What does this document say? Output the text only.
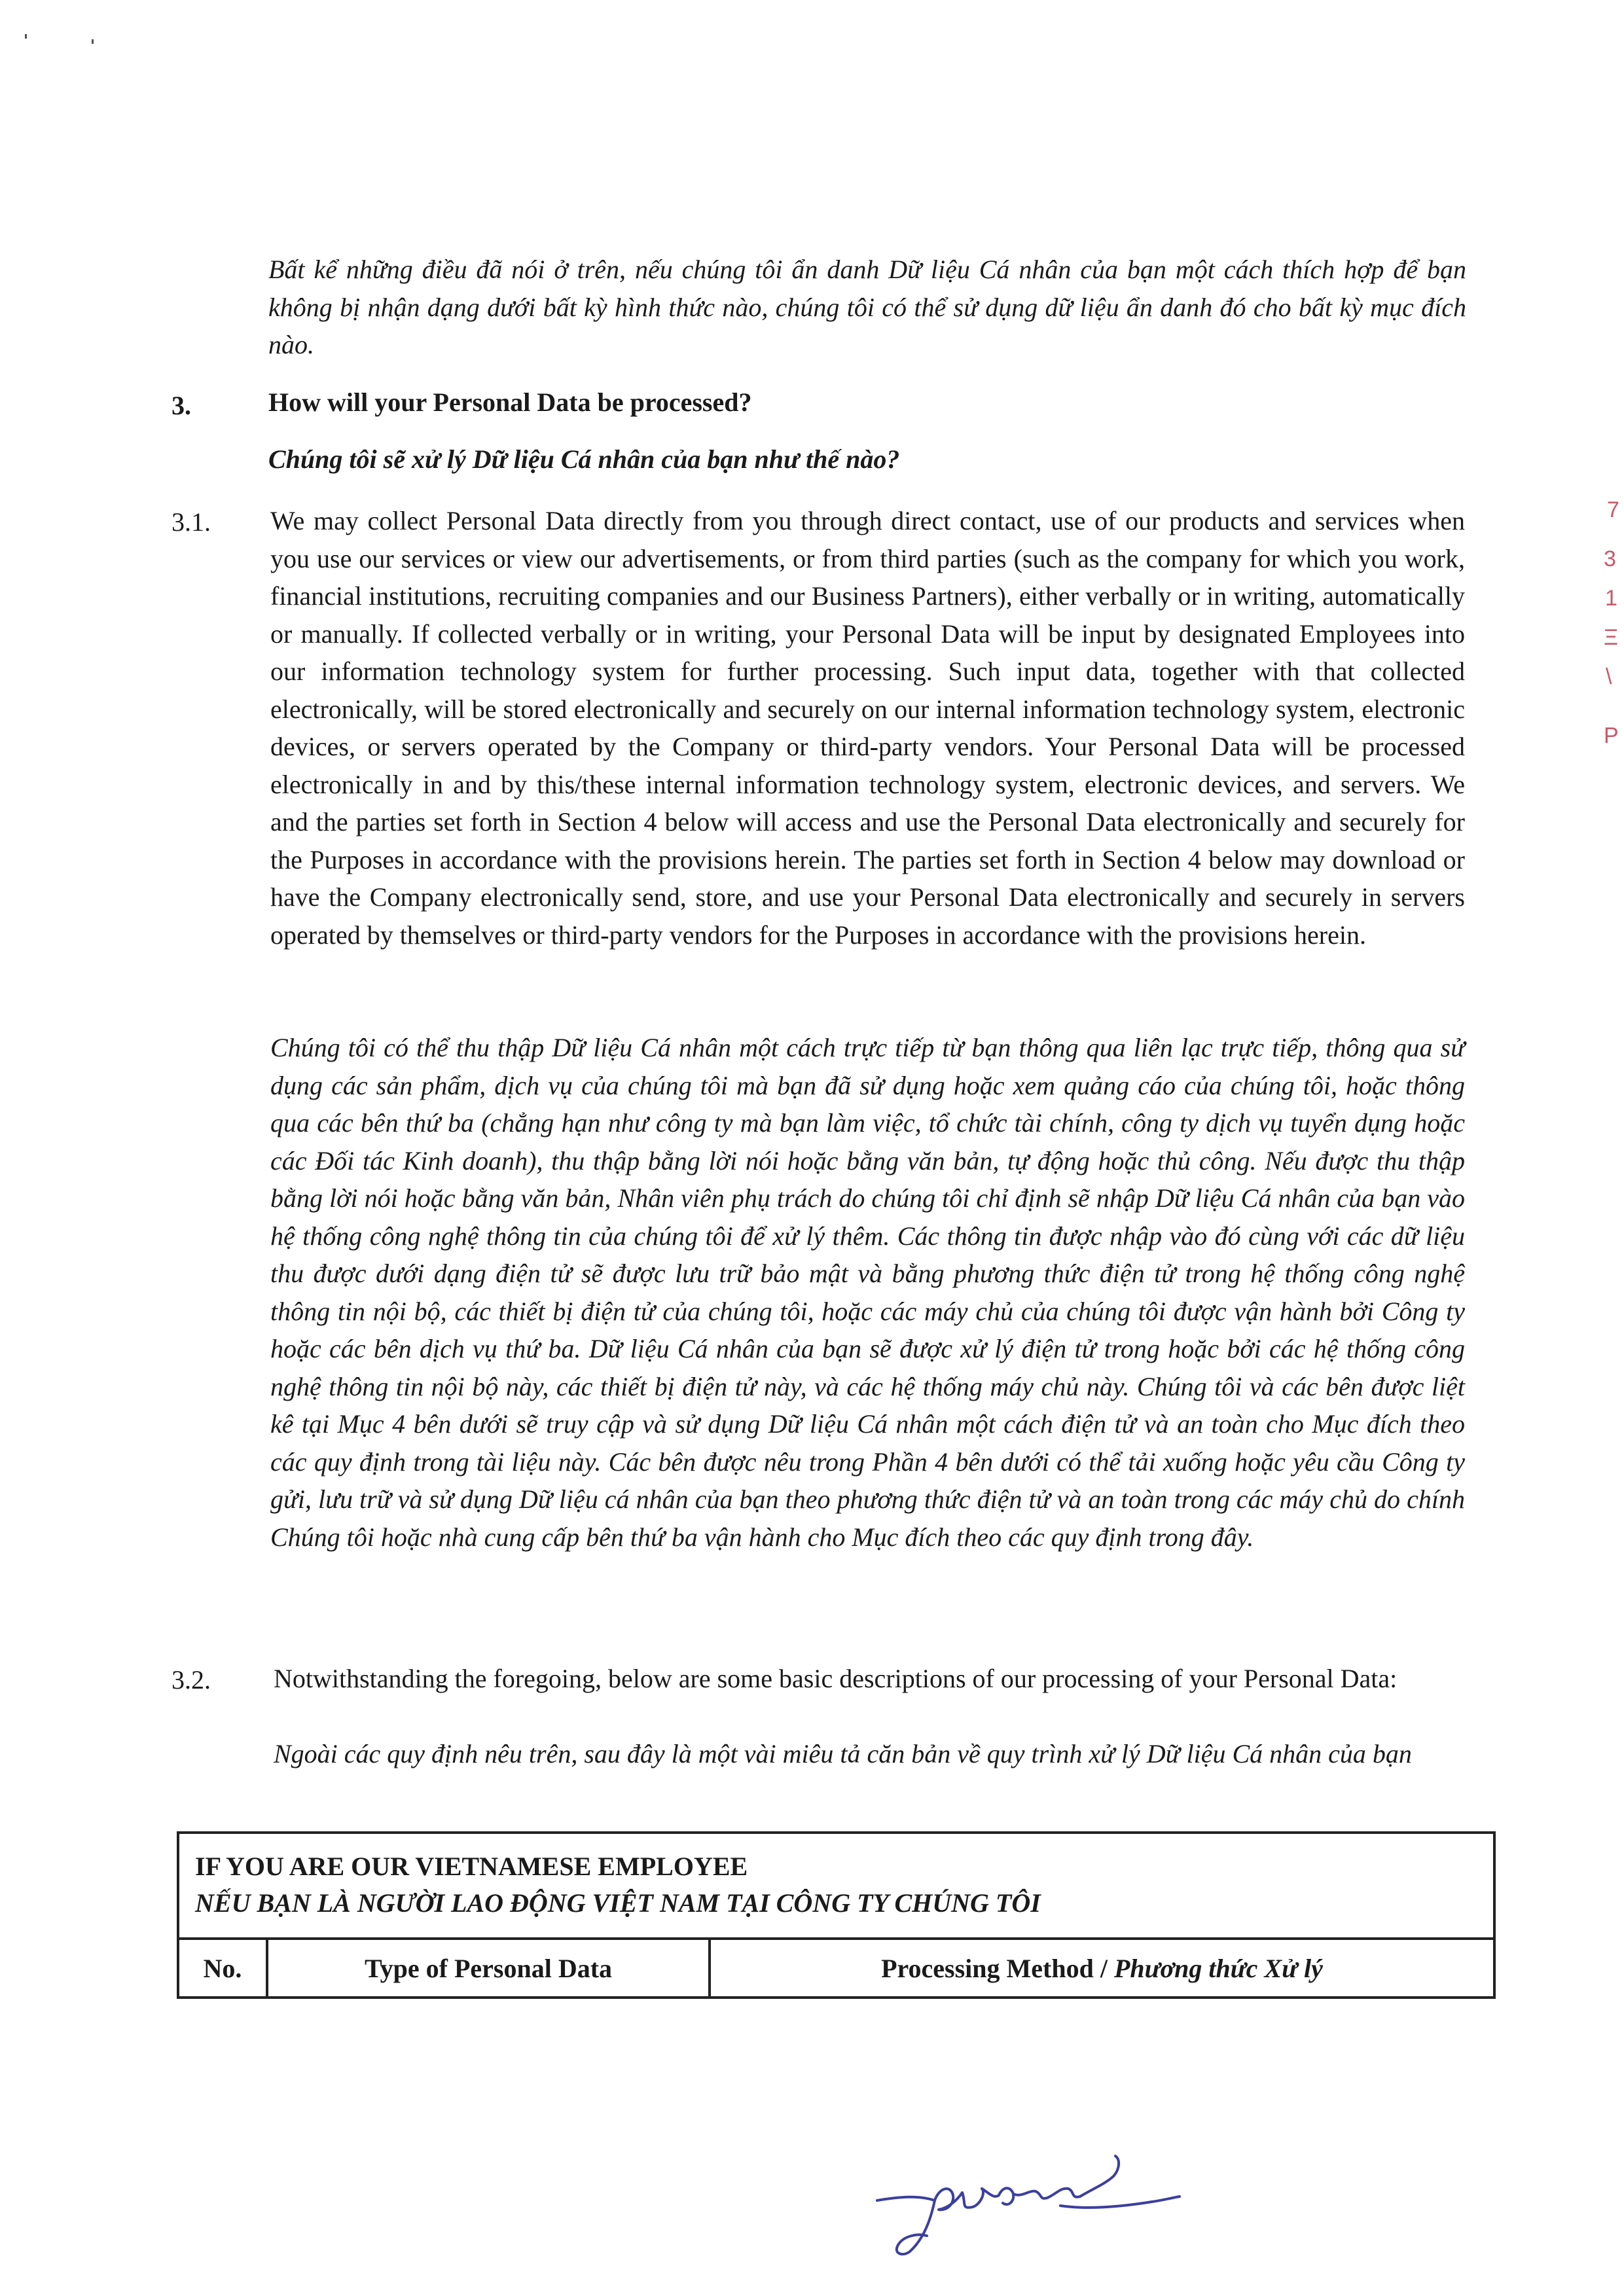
Bất kể những điều đã nói ở trên, nếu chúng tôi ẩn danh Dữ liệu Cá nhân của bạn một cách thích hợp để bạn không bị nhận dạng dưới bất kỳ hình thức nào, chúng tôi có thể sử dụng dữ liệu ẩn danh đó cho bất kỳ mục đích nào.
3.	How will your Personal Data be processed?
Chúng tôi sẽ xử lý Dữ liệu Cá nhân của bạn như thế nào?
3.1. We may collect Personal Data directly from you through direct contact, use of our products and services when you use our services or view our advertisements, or from third parties (such as the company for which you work, financial institutions, recruiting companies and our Business Partners), either verbally or in writing, automatically or manually. If collected verbally or in writing, your Personal Data will be input by designated Employees into our information technology system for further processing. Such input data, together with that collected electronically, will be stored electronically and securely on our internal information technology system, electronic devices, or servers operated by the Company or third-party vendors. Your Personal Data will be processed electronically in and by this/these internal information technology system, electronic devices, and servers. We and the parties set forth in Section 4 below will access and use the Personal Data electronically and securely for the Purposes in accordance with the provisions herein. The parties set forth in Section 4 below may download or have the Company electronically send, store, and use your Personal Data electronically and securely in servers operated by themselves or third-party vendors for the Purposes in accordance with the provisions herein.
Chúng tôi có thể thu thập Dữ liệu Cá nhân một cách trực tiếp từ bạn thông qua liên lạc trực tiếp, thông qua sử dụng các sản phẩm, dịch vụ của chúng tôi mà bạn đã sử dụng hoặc xem quảng cáo của chúng tôi, hoặc thông qua các bên thứ ba (chẳng hạn như công ty mà bạn làm việc, tổ chức tài chính, công ty dịch vụ tuyển dụng hoặc các Đối tác Kinh doanh), thu thập bằng lời nói hoặc bằng văn bản, tự động hoặc thủ công. Nếu được thu thập bằng lời nói hoặc bằng văn bản, Nhân viên phụ trách do chúng tôi chỉ định sẽ nhập Dữ liệu Cá nhân của bạn vào hệ thống công nghệ thông tin của chúng tôi để xử lý thêm. Các thông tin được nhập vào đó cùng với các dữ liệu thu được dưới dạng điện tử sẽ được lưu trữ bảo mật và bằng phương thức điện tử trong hệ thống công nghệ thông tin nội bộ, các thiết bị điện tử của chúng tôi, hoặc các máy chủ của chúng tôi được vận hành bởi Công ty hoặc các bên dịch vụ thứ ba. Dữ liệu Cá nhân của bạn sẽ được xử lý điện tử trong hoặc bởi các hệ thống công nghệ thông tin nội bộ này, các thiết bị điện tử này, và các hệ thống máy chủ này. Chúng tôi và các bên được liệt kê tại Mục 4 bên dưới sẽ truy cập và sử dụng Dữ liệu Cá nhân một cách điện tử và an toàn cho Mục đích theo các quy định trong tài liệu này. Các bên được nêu trong Phần 4 bên dưới có thể tải xuống hoặc yêu cầu Công ty gửi, lưu trữ và sử dụng Dữ liệu cá nhân của bạn theo phương thức điện tử và an toàn trong các máy chủ do chính Chúng tôi hoặc nhà cung cấp bên thứ ba vận hành cho Mục đích theo các quy định trong đây.
3.2. Notwithstanding the foregoing, below are some basic descriptions of our processing of your Personal Data:
Ngoài các quy định nêu trên, sau đây là một vài miêu tả căn bản về quy trình xử lý Dữ liệu Cá nhân của bạn
IF YOU ARE OUR VIETNAMESE EMPLOYEE
NẾU BẠN LÀ NGƯỜI LAO ĐỘNG VIỆT NAM TẠI CÔNG TY CHÚNG TÔI

No.	Type of Personal Data	Processing Method / Phương thức Xử lý
7
3
1
Ξ
\
P
